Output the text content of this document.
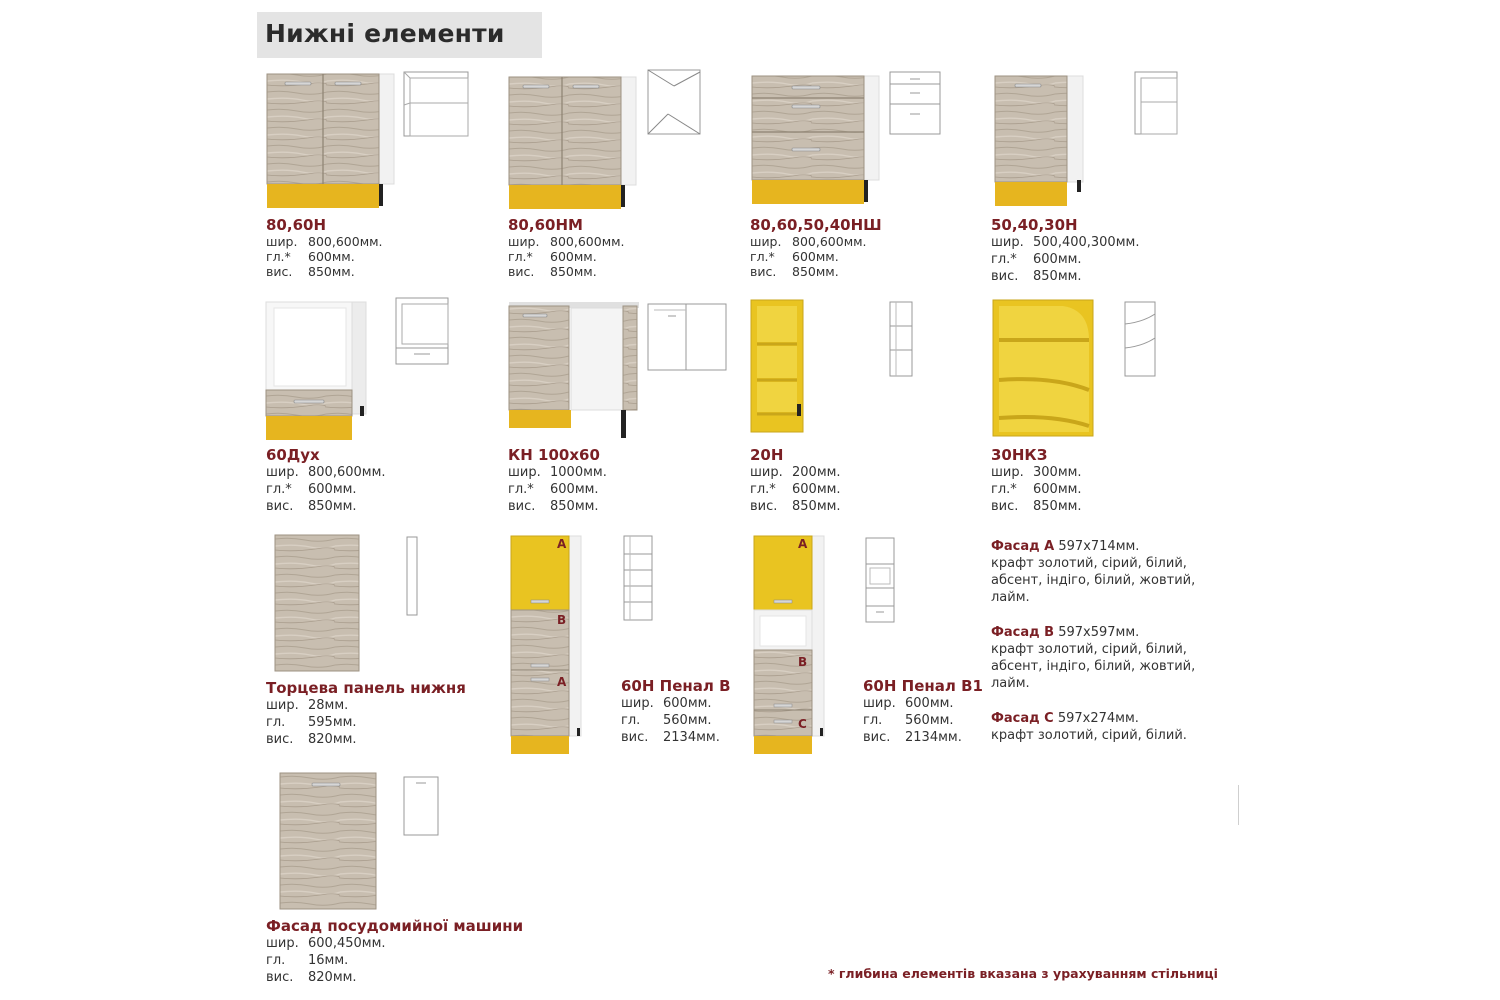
Нижні елементи
80,60Н
шир. 800,600мм.
гл.* 600мм.
вис. 850мм.
80,60НМ
шир. 800,600мм.
гл.* 600мм.
вис. 850мм.
80,60,50,40НШ
шир. 800,600мм.
гл.* 600мм.
вис. 850мм.
50,40,30Н
шир. 500,400,300мм.
гл.* 600мм.
вис. 850мм.
60Дух
шир. 800,600мм.
гл.* 600мм.
вис. 850мм.
КН 100х60
шир. 1000мм.
гл.* 600мм.
вис. 850мм.
20Н
шир. 200мм.
гл.* 600мм.
вис. 850мм.
30НКЗ
шир. 300мм.
гл.* 600мм.
вис. 850мм.
Торцева панель нижня
шир. 28мм.
гл. 595мм.
вис. 820мм.
A
B
A	60Н Пенал В
шир. 600мм.
гл. 560мм.
вис. 2134мм.
A
B
C
60Н Пенал В1
шир. 600мм.
гл. 560мм.
вис. 2134мм.
Фасад А 597х714мм.
крафт золотий, сірий, білий, абсент, індіго, білий, жовтий, лайм.
Фасад В 597х597мм.
крафт золотий, сірий, білий, абсент, індіго, білий, жовтий, лайм.
Фасад С 597х274мм.
крафт золотий, сірий, білий.
Фасад посудомийної машини
шир. 600,450мм.
гл. 16мм.
вис. 820мм.	* глибина елементів вказана з урахуванням стільниці
